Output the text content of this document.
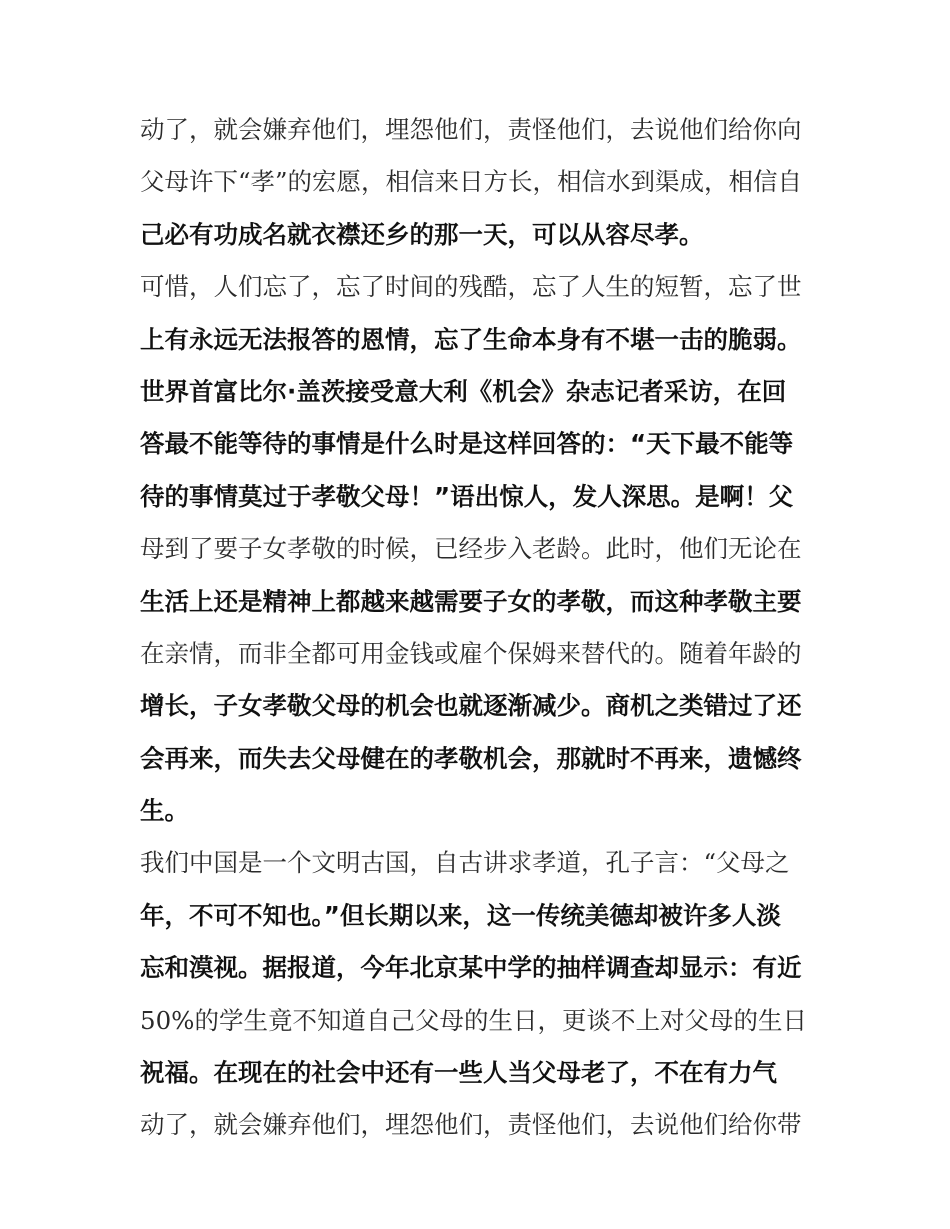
动了，就会嫌弃他们，埋怨他们，责怪他们，去说他们给你向
父母许下“孝”的宏愿，相信来日方长，相信水到渠成，相信自
己必有功成名就衣襟还乡的那一天，可以从容尽孝。
可惜，人们忘了，忘了时间的残酷，忘了人生的短暂，忘了世
上有永远无法报答的恩情，忘了生命本身有不堪一击的脆弱。
世界首富比尔·盖茨接受意大利《机会》杂志记者采访，在回
答最不能等待的事情是什么时是这样回答的：“天下最不能等
待的事情莫过于孝敬父母！”语出惊人，发人深思。是啊！父
母到了要子女孝敬的时候，已经步入老龄。此时，他们无论在
生活上还是精神上都越来越需要子女的孝敬，而这种孝敬主要
在亲情，而非全都可用金钱或雇个保姆来替代的。随着年龄的
增长，子女孝敬父母的机会也就逐渐减少。商机之类错过了还
会再来，而失去父母健在的孝敬机会，那就时不再来，遗憾终
生。
我们中国是一个文明古国，自古讲求孝道，孔子言：“父母之
年，不可不知也。”但长期以来，这一传统美德却被许多人淡
忘和漠视。据报道，今年北京某中学的抽样调查却显示：有近
50%的学生竟不知道自己父母的生日，更谈不上对父母的生日
祝福。在现在的社会中还有一些人当父母老了，不在有力气
动了，就会嫌弃他们，埋怨他们，责怪他们，去说他们给你带
